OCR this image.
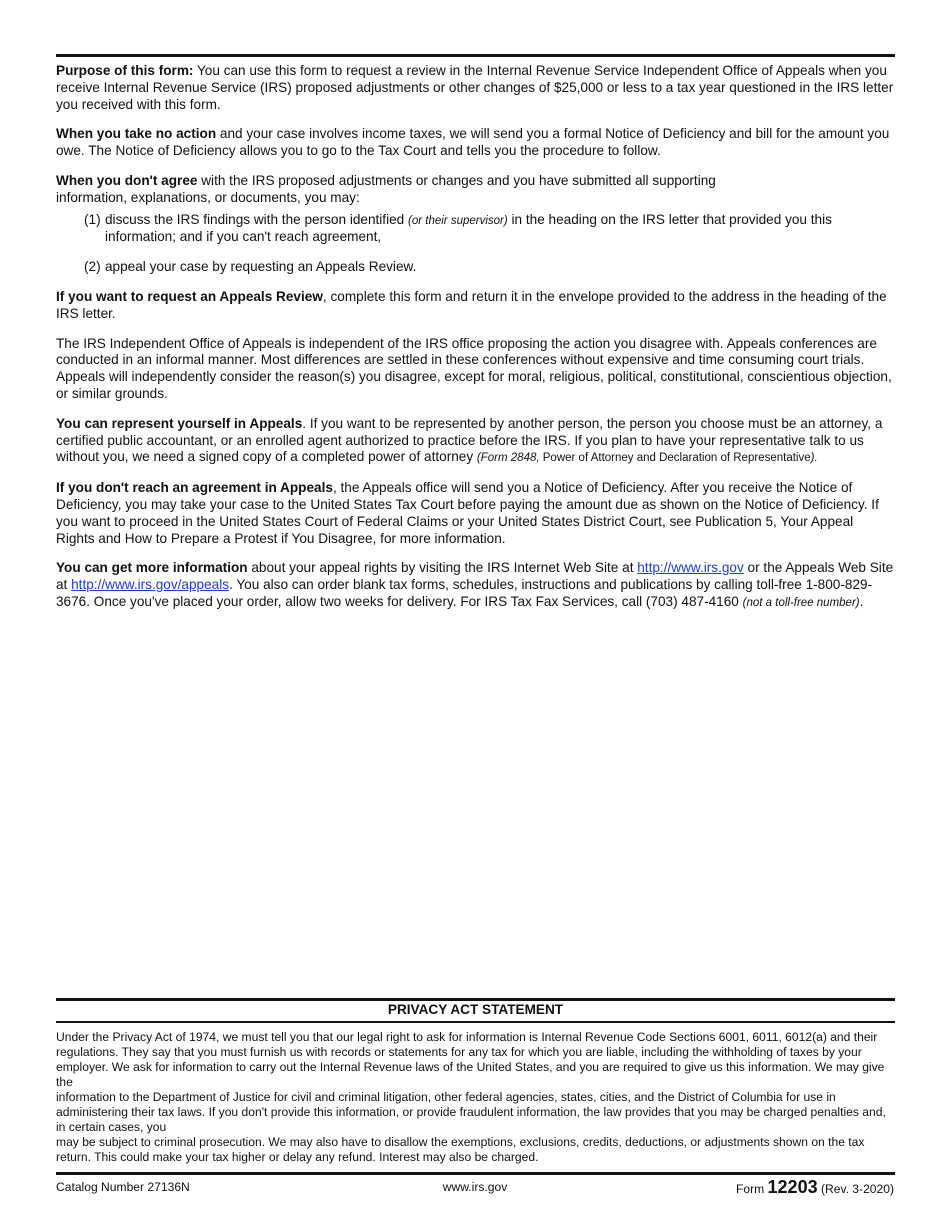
Purpose of this form: You can use this form to request a review in the Internal Revenue Service Independent Office of Appeals when you receive Internal Revenue Service (IRS) proposed adjustments or other changes of $25,000 or less to a tax year questioned in the IRS letter you received with this form.

When you take no action and your case involves income taxes, we will send you a formal Notice of Deficiency and bill for the amount you owe. The Notice of Deficiency allows you to go to the Tax Court and tells you the procedure to follow.

When you don't agree with the IRS proposed adjustments or changes and you have submitted all supporting
information, explanations, or documents, you may:

(1) discuss the IRS findings with the person identified (or their supervisor) in the heading on the IRS letter that provided you this information; and if you can't reach agreement,
(2) appeal your case by requesting an Appeals Review.

If you want to request an Appeals Review, complete this form and return it in the envelope provided to the address in the heading of the IRS letter.

The IRS Independent Office of Appeals is independent of the IRS office proposing the action you disagree with. Appeals conferences are conducted in an informal manner. Most differences are settled in these conferences without expensive and time consuming court trials. Appeals will independently consider the reason(s) you disagree, except for moral, religious, political, constitutional, conscientious objection, or similar grounds.

You can represent yourself in Appeals. If you want to be represented by another person, the person you choose must be an attorney, a certified public accountant, or an enrolled agent authorized to practice before the IRS. If you plan to have your representative talk to us without you, we need a signed copy of a completed power of attorney (Form 2848, Power of Attorney and Declaration of Representative).

If you don't reach an agreement in Appeals, the Appeals office will send you a Notice of Deficiency. After you receive the Notice of Deficiency, you may take your case to the United States Tax Court before paying the amount due as shown on the Notice of Deficiency. If you want to proceed in the United States Court of Federal Claims or your United States District Court, see Publication 5, Your Appeal Rights and How to Prepare a Protest if You Disagree, for more information.

You can get more information about your appeal rights by visiting the IRS Internet Web Site at http://www.irs.gov or the Appeals Web Site at http://www.irs.gov/appeals. You also can order blank tax forms, schedules, instructions and publications by calling toll-free 1-800-829-3676. Once you've placed your order, allow two weeks for delivery. For IRS Tax Fax Services, call (703) 487-4160 (not a toll-free number).

PRIVACY ACT STATEMENT
Under the Privacy Act of 1974, we must tell you that our legal right to ask for information is Internal Revenue Code Sections 6001, 6011, 6012(a) and their regulations. They say that you must furnish us with records or statements for any tax for which you are liable, including the withholding of taxes by your employer. We ask for information to carry out the Internal Revenue laws of the United States, and you are required to give us this information. We may give the
information to the Department of Justice for civil and criminal litigation, other federal agencies, states, cities, and the District of Columbia for use in administering their tax laws. If you don't provide this information, or provide fraudulent information, the law provides that you may be charged penalties and, in certain cases, you
may be subject to criminal prosecution. We may also have to disallow the exemptions, exclusions, credits, deductions, or adjustments shown on the tax return. This could make your tax higher or delay any refund. Interest may also be charged.
Catalog Number 27136N	www.irs.gov	Form 12203 (Rev. 3-2020)
